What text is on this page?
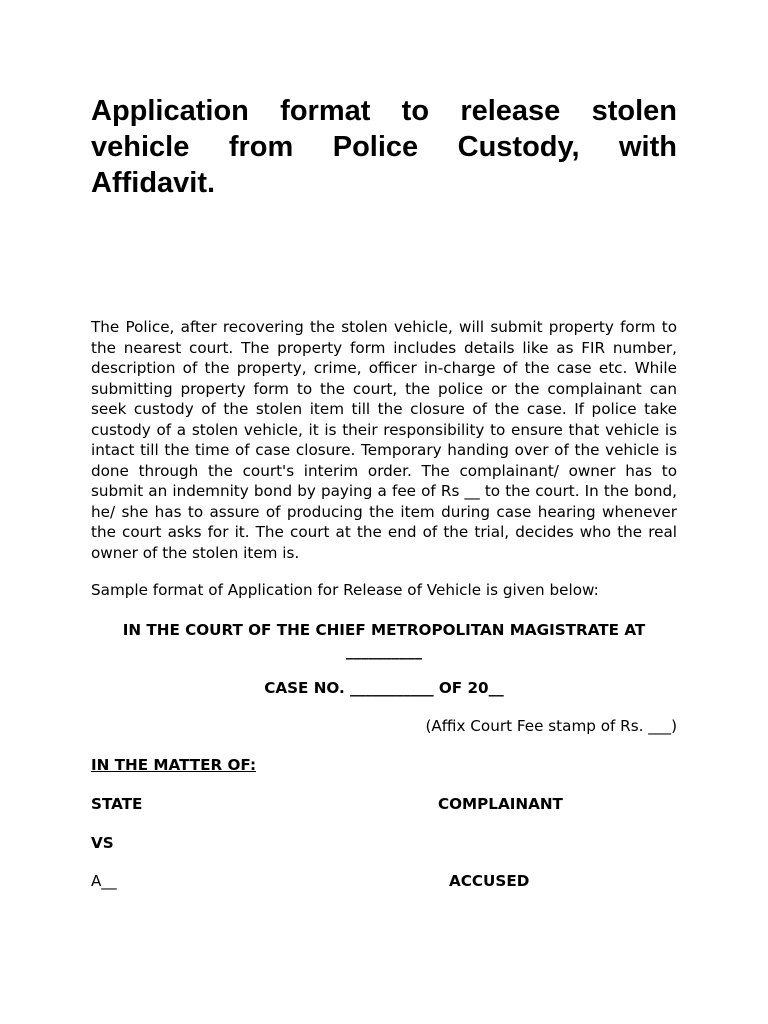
Application format to release stolen vehicle from Police Custody, with Affidavit.

The Police, after recovering the stolen vehicle, will submit property form to the nearest court. The property form includes details like as FIR number, description of the property, crime, officer in-charge of the case etc. While submitting property form to the court, the police or the complainant can seek custody of the stolen item till the closure of the case. If police take custody of a stolen vehicle, it is their responsibility to ensure that vehicle is intact till the time of case closure. Temporary handing over of the vehicle is done through the court's interim order. The complainant/ owner has to submit an indemnity bond by paying a fee of Rs __ to the court. In the bond, he/ she has to assure of producing the item during case hearing whenever the court asks for it. The court at the end of the trial, decides who the real owner of the stolen item is.

Sample format of Application for Release of Vehicle is given below:

IN THE COURT OF THE CHIEF METROPOLITAN MAGISTRATE AT __________

CASE NO. ___________ OF 20__

(Affix Court Fee stamp of Rs. ___)

IN THE MATTER OF:

STATE	COMPLAINANT

VS

A__	ACCUSED
